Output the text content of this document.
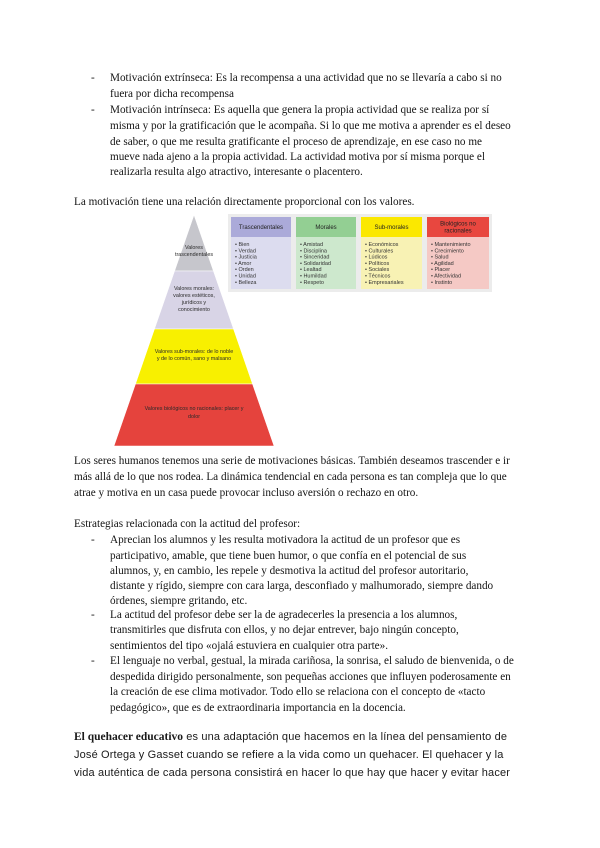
- Motivación extrínseca: Es la recompensa a una actividad que no se llevaría a cabo si no
fuera por dicha recompensa
- Motivación intrínseca: Es aquella que genera la propia actividad que se realiza por sí
misma y por la gratificación que le acompaña. Si lo que me motiva a aprender es el deseo
de saber, o que me resulta gratificante el proceso de aprendizaje, en ese caso no me
mueve nada ajeno a la propia actividad. La actividad motiva por sí misma porque el
realizarla resulta algo atractivo, interesante o placentero.
La motivación tiene una relación directamente proporcional con los valores.
Valores
trascendentales
Valores morales:
valores estéticos,
jurídicos y
conocimiento
Valores sub-morales: de lo noble
y de lo común, sano y malsano
Valores biológicos no racionales: placer y
dolor
Trascendentales
• Bien
• Verdad
• Justicia
• Amor
• Orden
• Unidad
• Belleza
Morales
• Amistad
• Disciplina
• Sinceridad
• Solidaridad
• Lealtad
• Humildad
• Respeto
Sub-morales
• Económicos
• Culturales
• Lúdicos
• Políticos
• Sociales
• Técnicos
• Empresariales
Biológicos no
racionales
• Mantenimiento
• Crecimiento
• Salud
• Agilidad
• Placer
• Afectividad
• Instinto
Los seres humanos tenemos una serie de motivaciones básicas. También deseamos trascender e ir
más allá de lo que nos rodea. La dinámica tendencial en cada persona es tan compleja que lo que
atrae y motiva en un casa puede provocar incluso aversión o rechazo en otro.
Estrategias relacionada con la actitud del profesor:
- Aprecian los alumnos y les resulta motivadora la actitud de un profesor que es
participativo, amable, que tiene buen humor, o que confía en el potencial de sus
alumnos, y, en cambio, les repele y desmotiva la actitud del profesor autoritario,
distante y rígido, siempre con cara larga, desconfiado y malhumorado, siempre dando
órdenes, siempre gritando, etc.
- La actitud del profesor debe ser la de agradecerles la presencia a los alumnos,
transmitirles que disfruta con ellos, y no dejar entrever, bajo ningún concepto,
sentimientos del tipo «ojalá estuviera en cualquier otra parte».
- El lenguaje no verbal, gestual, la mirada cariñosa, la sonrisa, el saludo de bienvenida, o de
despedida dirigido personalmente, son pequeñas acciones que influyen poderosamente en
la creación de ese clima motivador. Todo ello se relaciona con el concepto de «tacto
pedagógico», que es de extraordinaria importancia en la docencia.
El quehacer educativo es una adaptación que hacemos en la línea del pensamiento de
José Ortega y Gasset cuando se refiere a la vida como un quehacer. El quehacer y la
vida auténtica de cada persona consistirá en hacer lo que hay que hacer y evitar hacer
